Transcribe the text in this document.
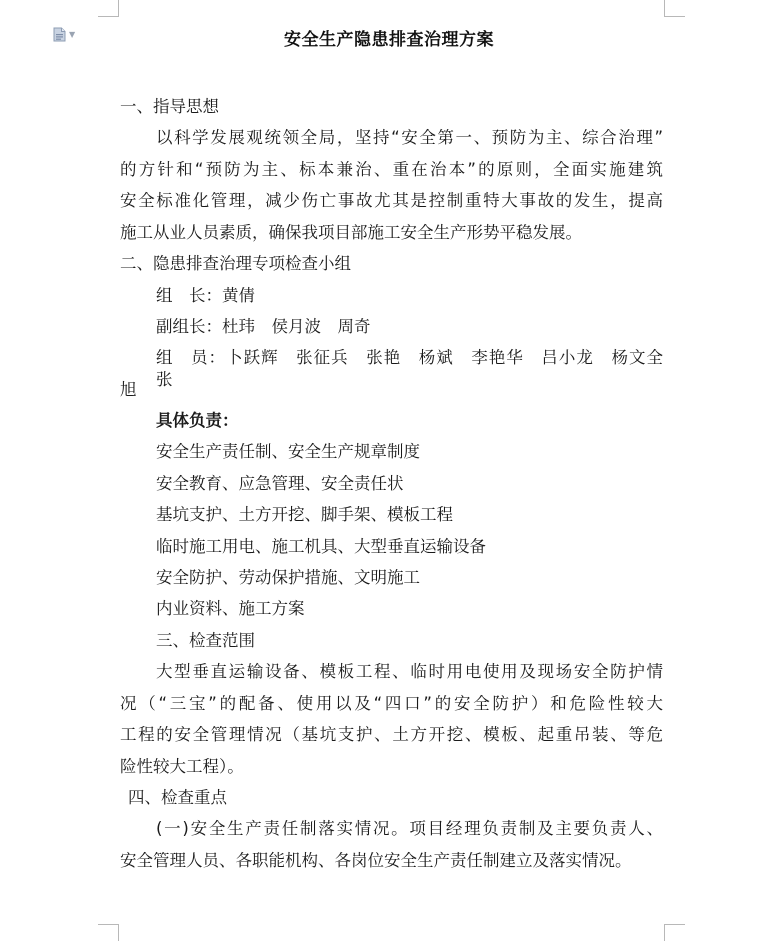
▼	安全生产隐患排查治理方案
一、指导思想
以科学发展观统领全局，坚持“安全第一、预防为主、综合治理”
的方针和“预防为主、标本兼治、重在治本”的原则，全面实施建筑
安全标准化管理，减少伤亡事故尤其是控制重特大事故的发生，提高
施工从业人员素质，确保我项目部施工安全生产形势平稳发展。
二、隐患排查治理专项检查小组
组　长：黄倩
副组长：杜玮　侯月波　周奇
组　员：卜跃辉　张征兵　张艳　杨斌　李艳华　吕小龙　杨文全　张
旭
具体负责：
安全生产责任制、安全生产规章制度
安全教育、应急管理、安全责任状
基坑支护、土方开挖、脚手架、模板工程
临时施工用电、施工机具、大型垂直运输设备
安全防护、劳动保护措施、文明施工
内业资料、施工方案
三、检查范围
大型垂直运输设备、模板工程、临时用电使用及现场安全防护情
况（“三宝”的配备、使用以及“四口”的安全防护）和危险性较大
工程的安全管理情况（基坑支护、土方开挖、模板、起重吊装、等危
险性较大工程）。
四、检查重点
(一)安全生产责任制落实情况。项目经理负责制及主要负责人、
安全管理人员、各职能机构、各岗位安全生产责任制建立及落实情况。
